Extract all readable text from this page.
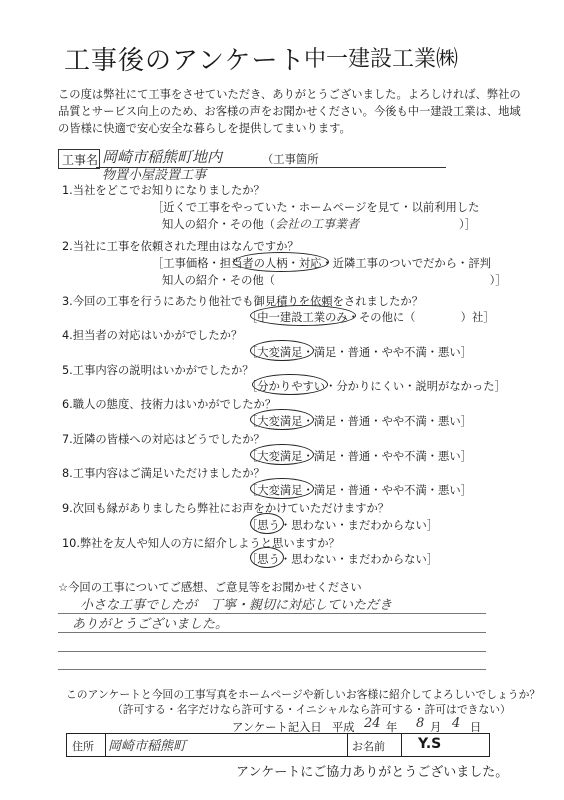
工事後のアンケート
中一建設工業㈱
この度は弊社にて工事をさせていただき、ありがとうございました。よろしければ、弊社の品質とサービス向上のため、お客様の声をお聞かせください。今後も中一建設工業は、地域の皆様に快適で安心安全な暮らしを提供してまいります。
工事名 岡崎市稲熊町地内	（工事箇所
物置小屋設置工事
1.当社をどこでお知りになりましたか？
［近くで工事をやっていた・ホームページを見て・以前利用した
知人の紹介・その他（会社の工事業者	）］
2.当社に工事を依頼された理由はなんですか？
［工事価格・担当者の人柄・対応・近隣工事のついでだから・評判
知人の紹介・その他（　　　　　　　　　　　　　　　　　　　）］
3.今回の工事を行うにあたり他社でも御見積りを依頼をされましたか？
［中一建設工業のみ・その他に（　　　　）社］
4.担当者の対応はいかがでしたか？
［大変満足・満足・普通・やや不満・悪い］
5.工事内容の説明はいかがでしたか？
［分かりやすい・分かりにくい・説明がなかった］
6.職人の態度、技術力はいかがでしたか？
［大変満足・満足・普通・やや不満・悪い］
7.近隣の皆様への対応はどうでしたか？
［大変満足・満足・普通・やや不満・悪い］
8.工事内容はご満足いただけましたか？
［大変満足・満足・普通・やや不満・悪い］
9.次回も縁がありましたら弊社にお声をかけていただけますか？
［思う・思わない・まだわからない］
10.弊社を友人や知人の方に紹介しようと思いますか？
［思う・思わない・まだわからない］
☆今回の工事についてご感想、ご意見等をお聞かせください
小さな工事でしたが　丁寧・親切に対応していただき
ありがとうございました。
このアンケートと今回の工事写真をホームページや新しいお客様に紹介してよろしいでしょうか？
（許可する・名字だけなら許可する・イニシャルなら許可する・許可はできない）
アンケート記入日 平成 24 年 8 月 4 日
住所 岡崎市稲熊町	お名前 Y.S
アンケートにご協力ありがとうございました。
